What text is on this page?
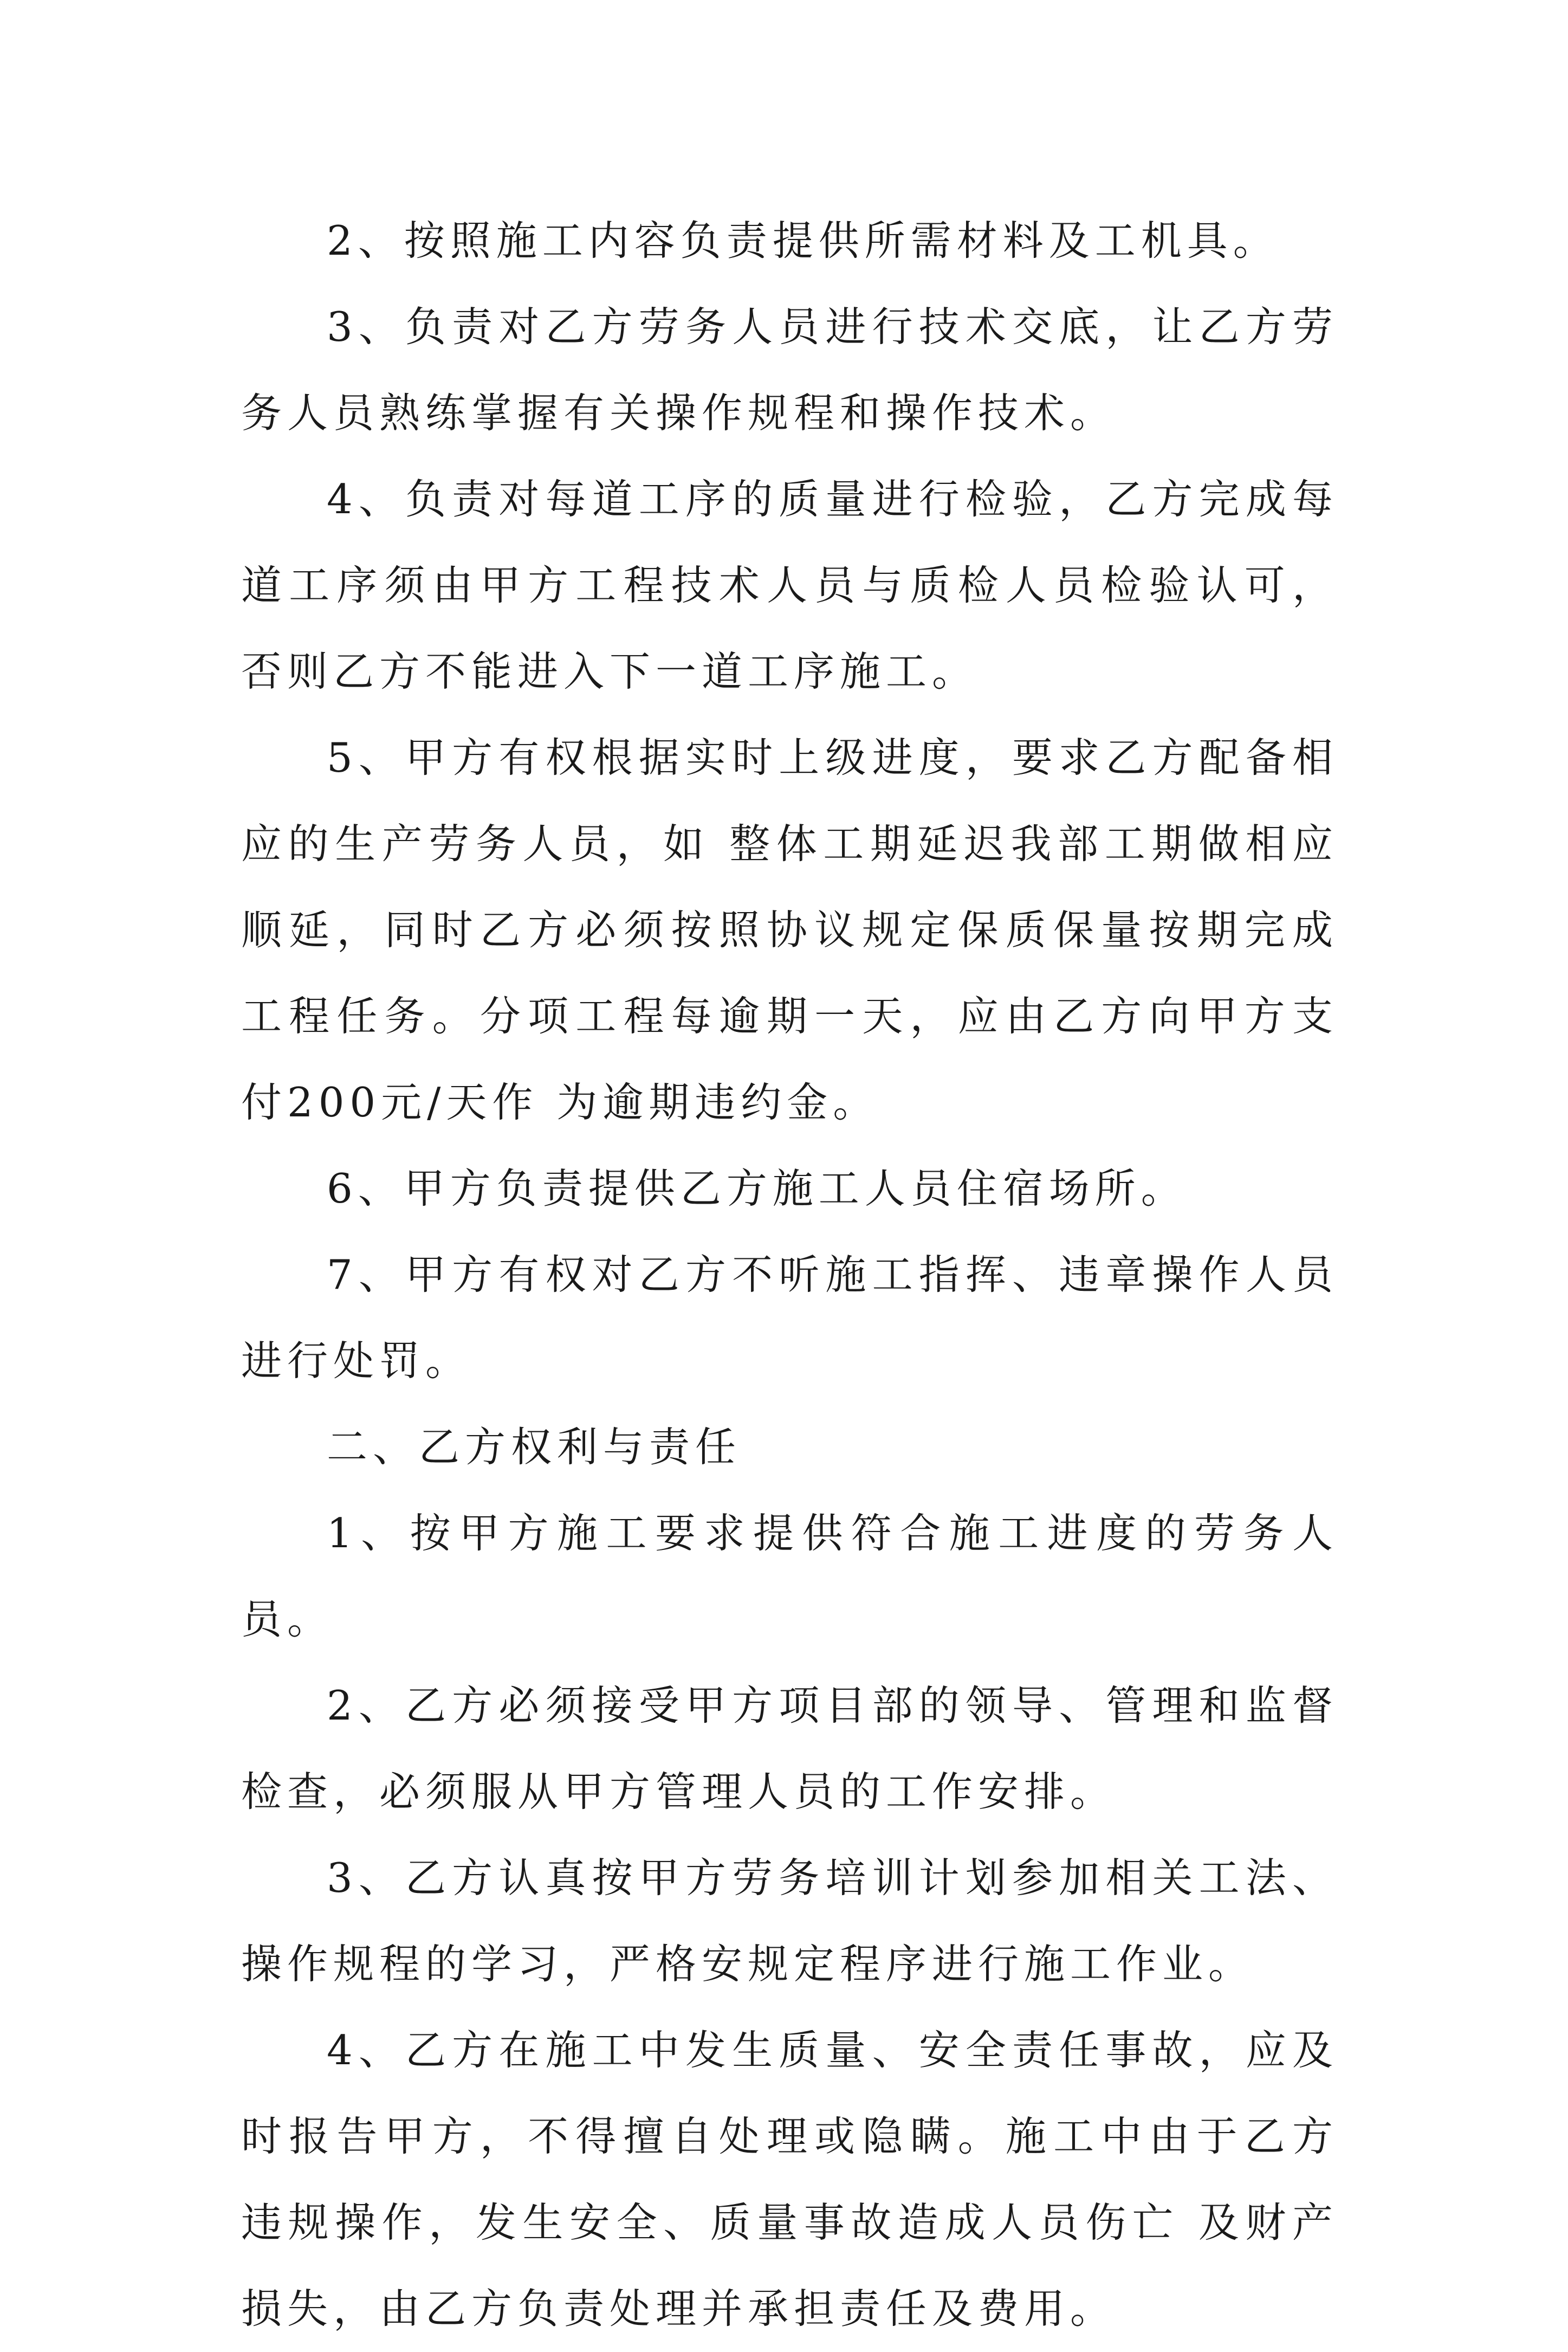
2、按照施工内容负责提供所需材料及工机具。

3、负责对乙方劳务人员进行技术交底，让乙方劳务人员熟练掌握有关操作规程和操作技术。

4、负责对每道工序的质量进行检验，乙方完成每道工序须由甲方工程技术人员与质检人员检验认可，否则乙方不能进入下一道工序施工。

5、甲方有权根据实时上级进度，要求乙方配备相应的生产劳务人员，如 整体工期延迟我部工期做相应顺延，同时乙方必须按照协议规定保质保量按期完成工程任务。分项工程每逾期一天，应由乙方向甲方支付200元/天作 为逾期违约金。

6、甲方负责提供乙方施工人员住宿场所。

7、甲方有权对乙方不听施工指挥、违章操作人员进行处罚。

二、乙方权利与责任

1、按甲方施工要求提供符合施工进度的劳务人员。

2、乙方必须接受甲方项目部的领导、管理和监督检查，必须服从甲方管理人员的工作安排。

3、乙方认真按甲方劳务培训计划参加相关工法、操作规程的学习，严格安规定程序进行施工作业。

4、乙方在施工中发生质量、安全责任事故，应及时报告甲方，不得擅自处理或隐瞒。施工中由于乙方违规操作，发生安全、质量事故造成人员伤亡 及财产损失，由乙方负责处理并承担责任及费用。
